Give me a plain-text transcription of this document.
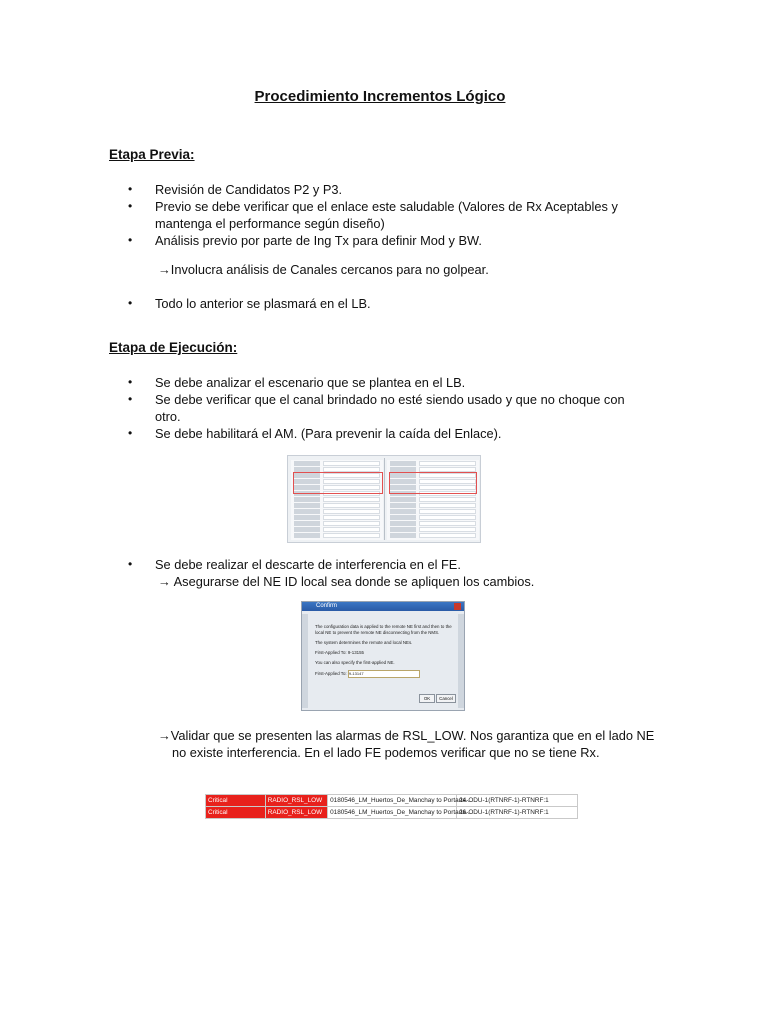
Procedimiento Incrementos Lógico
Etapa Previa:
• Revisión de Candidatos P2 y P3.
• Previo se debe verificar que el enlace este saludable (Valores de Rx Aceptables y mantenga el performance según diseño)
• Análisis previo por parte de Ing Tx para definir Mod y BW.
→Involucra análisis de Canales cercanos para no golpear.
• Todo lo anterior se plasmará en el LB.
Etapa de Ejecución:
• Se debe analizar el escenario que se plantea en el LB.
• Se debe verificar que el canal brindado no esté siendo usado y que no choque con otro.
• Se debe habilitará el AM. (Para prevenir la caída del Enlace).
• Se debe realizar el descarte de interferencia en el FE.
→ Asegurarse del NE ID local sea donde se apliquen los cambios.
Confirm

The configuration data is applied to the remote NE first and then to the local NE to prevent the remote NE disconnecting from the NMS.

The system determines the remote and local NEs.

First-Applied To: 9-13155

You can also specify the first-applied NE.

First-Applied To: 9-13147

OK	Cancel
→Validar que se presenten las alarmas de RSL_LOW. Nos garantiza que en el lado NE
no existe interferencia. En el lado FE podemos verificar que no se tiene Rx.
Critical	RADIO_RSL_LOW	0180546_LM_Huertos_De_Manchay to Portada...	24-ODU-1(RTNRF-1)-RTNRF:1
Critical	RADIO_RSL_LOW	0180546_LM_Huertos_De_Manchay to Portada...	26-ODU-1(RTNRF-1)-RTNRF:1
